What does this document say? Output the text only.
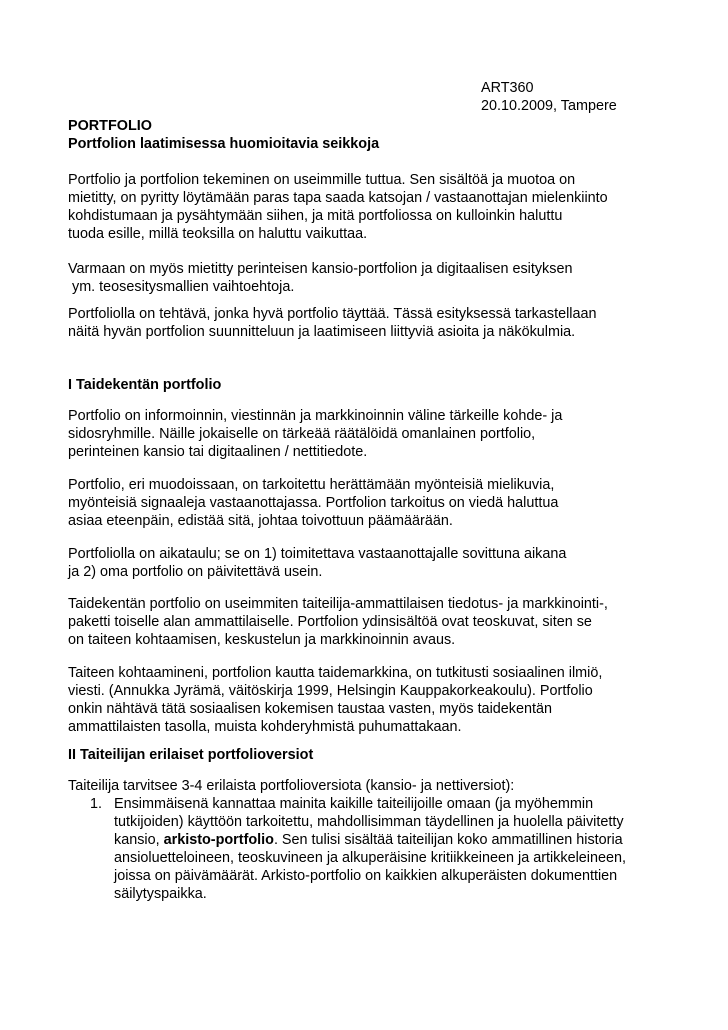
ART360
20.10.2009, Tampere
PORTFOLIO
Portfolion laatimisessa huomioitavia seikkoja
Portfolio ja portfolion tekeminen on useimmille tuttua. Sen sisältöä ja muotoa on
mietitty, on pyritty löytämään paras tapa saada katsojan / vastaanottajan mielenkiinto
kohdistumaan ja pysähtymään siihen, ja mitä portfoliossa on kulloinkin haluttu
tuoda esille, millä teoksilla on haluttu vaikuttaa.
Varmaan on myös mietitty perinteisen kansio-portfolion ja digitaalisen esityksen
ym. teosesitysmallien vaihtoehtoja.
Portfoliolla on tehtävä, jonka hyvä portfolio täyttää. Tässä esityksessä tarkastellaan
näitä hyvän portfolion suunnitteluun ja laatimiseen liittyviä asioita ja näkökulmia.
I Taidekentän portfolio
Portfolio on informoinnin, viestinnän ja markkinoinnin väline tärkeille kohde- ja
sidosryhmille. Näille jokaiselle on tärkeää räätälöidä omanlainen portfolio,
perinteinen kansio tai digitaalinen / nettitiedote.
Portfolio, eri muodoissaan, on tarkoitettu herättämään myönteisiä mielikuvia,
myönteisiä signaaleja vastaanottajassa. Portfolion tarkoitus on viedä haluttua
asiaa eteenpäin, edistää sitä, johtaa toivottuun päämäärään.
Portfoliolla on aikataulu; se on 1) toimitettava vastaanottajalle sovittuna aikana
ja 2) oma portfolio on päivitettävä usein.
Taidekentän portfolio on useimmiten taiteilija-ammattilaisen tiedotus- ja markkinointi-,
paketti toiselle alan ammattilaiselle. Portfolion ydinsisältöä ovat teoskuvat, siten se
on taiteen kohtaamisen, keskustelun ja markkinoinnin avaus.
Taiteen kohtaamineni, portfolion kautta taidemarkkina, on tutkitusti sosiaalinen ilmiö,
viesti. (Annukka Jyrämä, väitöskirja 1999, Helsingin Kauppakorkeakoulu). Portfolio
onkin nähtävä tätä sosiaalisen kokemisen taustaa vasten, myös taidekentän
ammattilaisten tasolla, muista kohderyhmistä puhumattakaan.
II Taiteilijan erilaiset portfolioversiot
Taiteilija tarvitsee 3-4 erilaista portfolioversiota (kansio- ja nettiversiot):
1. Ensimmäisenä kannattaa mainita kaikille taiteilijoille omaan (ja myöhemmin
tutkijoiden) käyttöön tarkoitettu, mahdollisimman täydellinen ja huolella päivitetty
kansio, arkisto-portfolio. Sen tulisi sisältää taiteilijan koko ammatillinen historia
ansioluetteloineen, teoskuvineen ja alkuperäisine kritiikkeineen ja artikkeleineen,
joissa on päivämäärät. Arkisto-portfolio on kaikkien alkuperäisten dokumenttien
säilytyspaikka.
